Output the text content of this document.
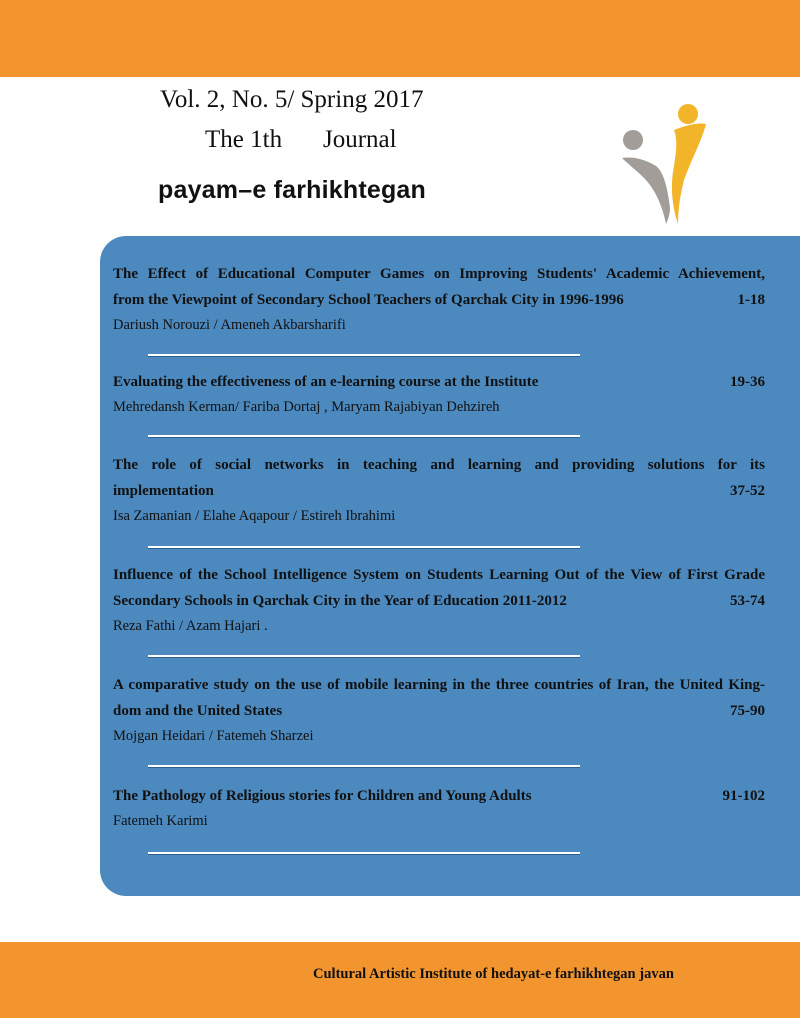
Vol. 2, No. 5/ Spring 2017
The 1th Journal
payam–e farhikhtegan
The Effect of Educational Computer Games on Improving Students' Academic Achievement,
from the Viewpoint of Secondary School Teachers of Qarchak City in 1996-1996	1-18
Dariush Norouzi / Ameneh Akbarsharifi
Evaluating the effectiveness of an e-learning course at the Institute	19-36
Mehredansh Kerman/ Fariba Dortaj , Maryam Rajabiyan Dehzireh
The role of social networks in teaching and learning and providing solutions for its
implementation	37-52
Isa Zamanian / Elahe Aqapour / Estireh Ibrahimi
Influence of the School Intelligence System on Students Learning Out of the View of First Grade
Secondary Schools in Qarchak City in the Year of Education 2011-2012	53-74
Reza Fathi / Azam Hajari .
A comparative study on the use of mobile learning in the three countries of Iran, the United King-
dom and the United States	75-90
Mojgan Heidari / Fatemeh Sharzei
The Pathology of Religious stories for Children and Young Adults	91-102
Fatemeh Karimi
Cultural Artistic Institute of hedayat-e farhikhtegan javan
